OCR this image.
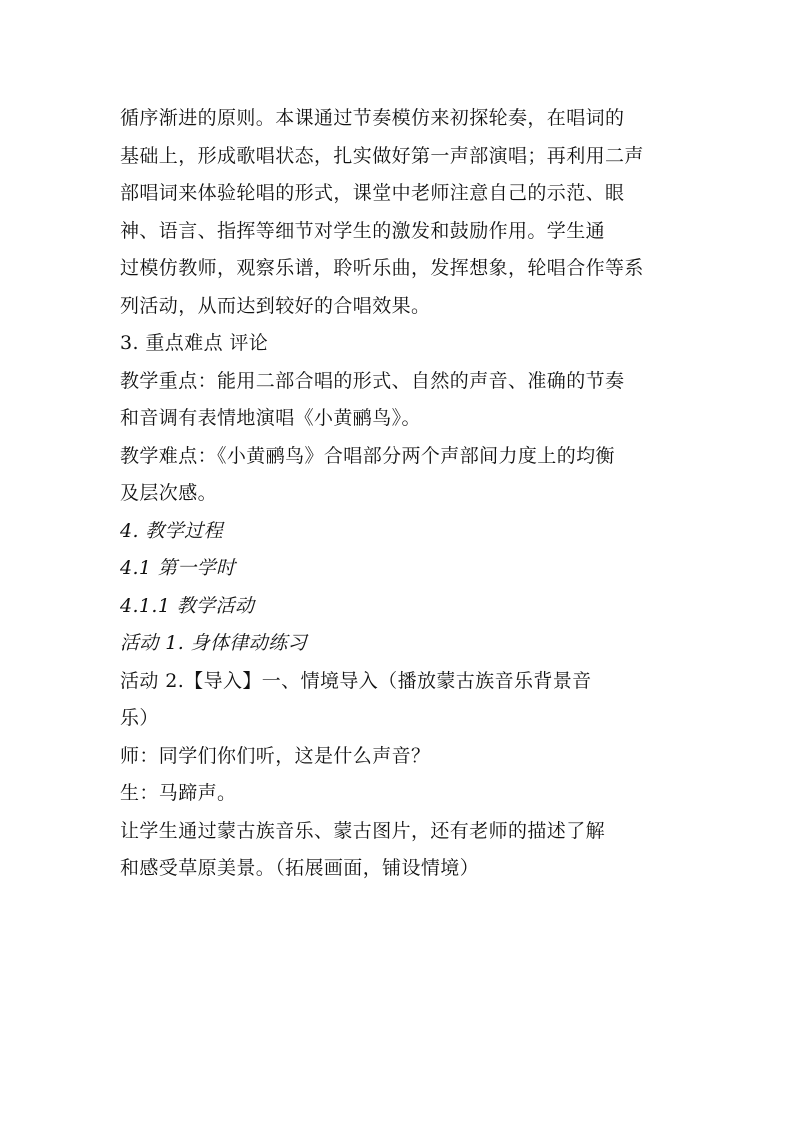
循序渐进的原则。本课通过节奏模仿来初探轮奏，在唱词的
基础上，形成歌唱状态，扎实做好第一声部演唱；再利用二声
部唱词来体验轮唱的形式，课堂中老师注意自己的示范、眼
神、语言、指挥等细节对学生的激发和鼓励作用。学生通
过模仿教师，观察乐谱，聆听乐曲，发挥想象，轮唱合作等系
列活动，从而达到较好的合唱效果。
3. 重点难点 评论
教学重点：能用二部合唱的形式、自然的声音、准确的节奏
和音调有表情地演唱《小黄鹂鸟》。
教学难点：《小黄鹂鸟》合唱部分两个声部间力度上的均衡
及层次感。
4. 教学过程
4.1 第一学时
4.1.1 教学活动
活动 1. 身体律动练习
活动 2.【导入】一、情境导入（播放蒙古族音乐背景音
乐）
师：同学们你们听，这是什么声音？
生：马蹄声。
让学生通过蒙古族音乐、蒙古图片，还有老师的描述了解
和感受草原美景。（拓展画面，铺设情境）
